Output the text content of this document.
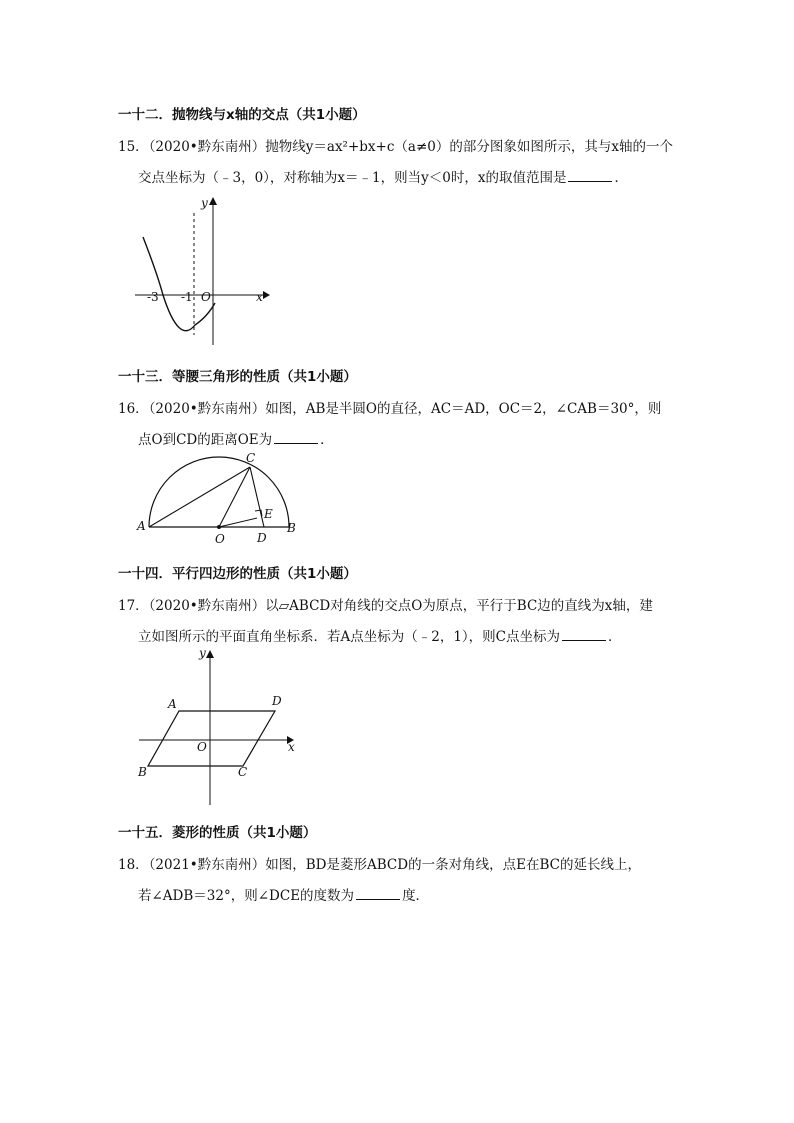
一十二．抛物线与x轴的交点（共1小题）
15．（2020•黔东南州）抛物线y＝ax²+bx+c（a≠0）的部分图象如图所示，其与x轴的一个
交点坐标为（﹣3，0），对称轴为x＝﹣1，则当y＜0时，x的取值范围是	．
y
x
O
-3 -1
一十三．等腰三角形的性质（共1小题）
16．（2020•黔东南州）如图，AB是半圆O的直径，AC＝AD，OC＝2，∠CAB＝30°，则
点O到CD的距离OE为	．
C
A	B
E
D
O
一十四．平行四边形的性质（共1小题）
17．（2020•黔东南州）以▱ABCD对角线的交点O为原点，平行于BC边的直线为x轴，建
立如图所示的平面直角坐标系．若A点坐标为（﹣2，1），则C点坐标为	．
y
x
O
A	D
B	C
一十五．菱形的性质（共1小题）
18．（2021•黔东南州）如图，BD是菱形ABCD的一条对角线，点E在BC的延长线上，
若∠ADB＝32°，则∠DCE的度数为	度．
